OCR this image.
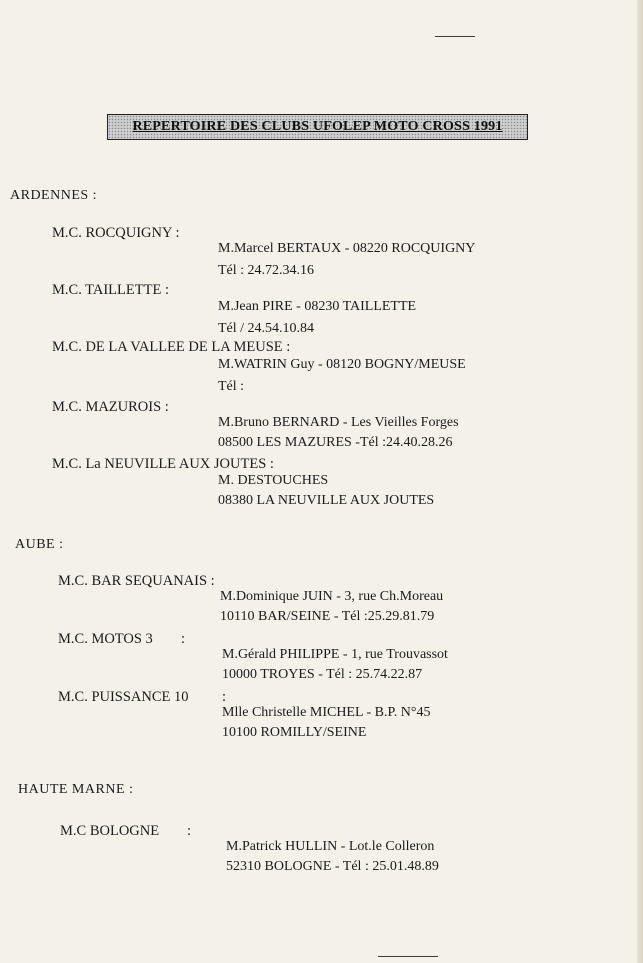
REPERTOIRE DES CLUBS UFOLEP MOTO CROSS 1991
ARDENNES :
M.C. ROCQUIGNY :
M.Marcel BERTAUX - 08220 ROCQUIGNY
Tél : 24.72.34.16
M.C. TAILLETTE :
M.Jean PIRE - 08230 TAILLETTE
Tél / 24.54.10.84
M.C. DE LA VALLEE DE LA MEUSE :
M.WATRIN Guy - 08120 BOGNY/MEUSE
Tél :
M.C. MAZUROIS :
M.Bruno BERNARD - Les Vieilles Forges
08500 LES MAZURES -Tél :24.40.28.26
M.C. La NEUVILLE AUX JOUTES :
M. DESTOUCHES
08380 LA NEUVILLE AUX JOUTES
AUBE :
M.C. BAR SEQUANAIS :
M.Dominique JUIN - 3, rue Ch.Moreau
10110 BAR/SEINE - Tél :25.29.81.79
M.C. MOTOS 3 :
M.Gérald PHILIPPE - 1, rue Trouvassot
10000 TROYES - Tél : 25.74.22.87
M.C. PUISSANCE 10 :
Mlle Christelle MICHEL - B.P. N°45
10100 ROMILLY/SEINE
HAUTE MARNE :
M.C BOLOGNE :
M.Patrick HULLIN - Lot.le Colleron
52310 BOLOGNE - Tél : 25.01.48.89
